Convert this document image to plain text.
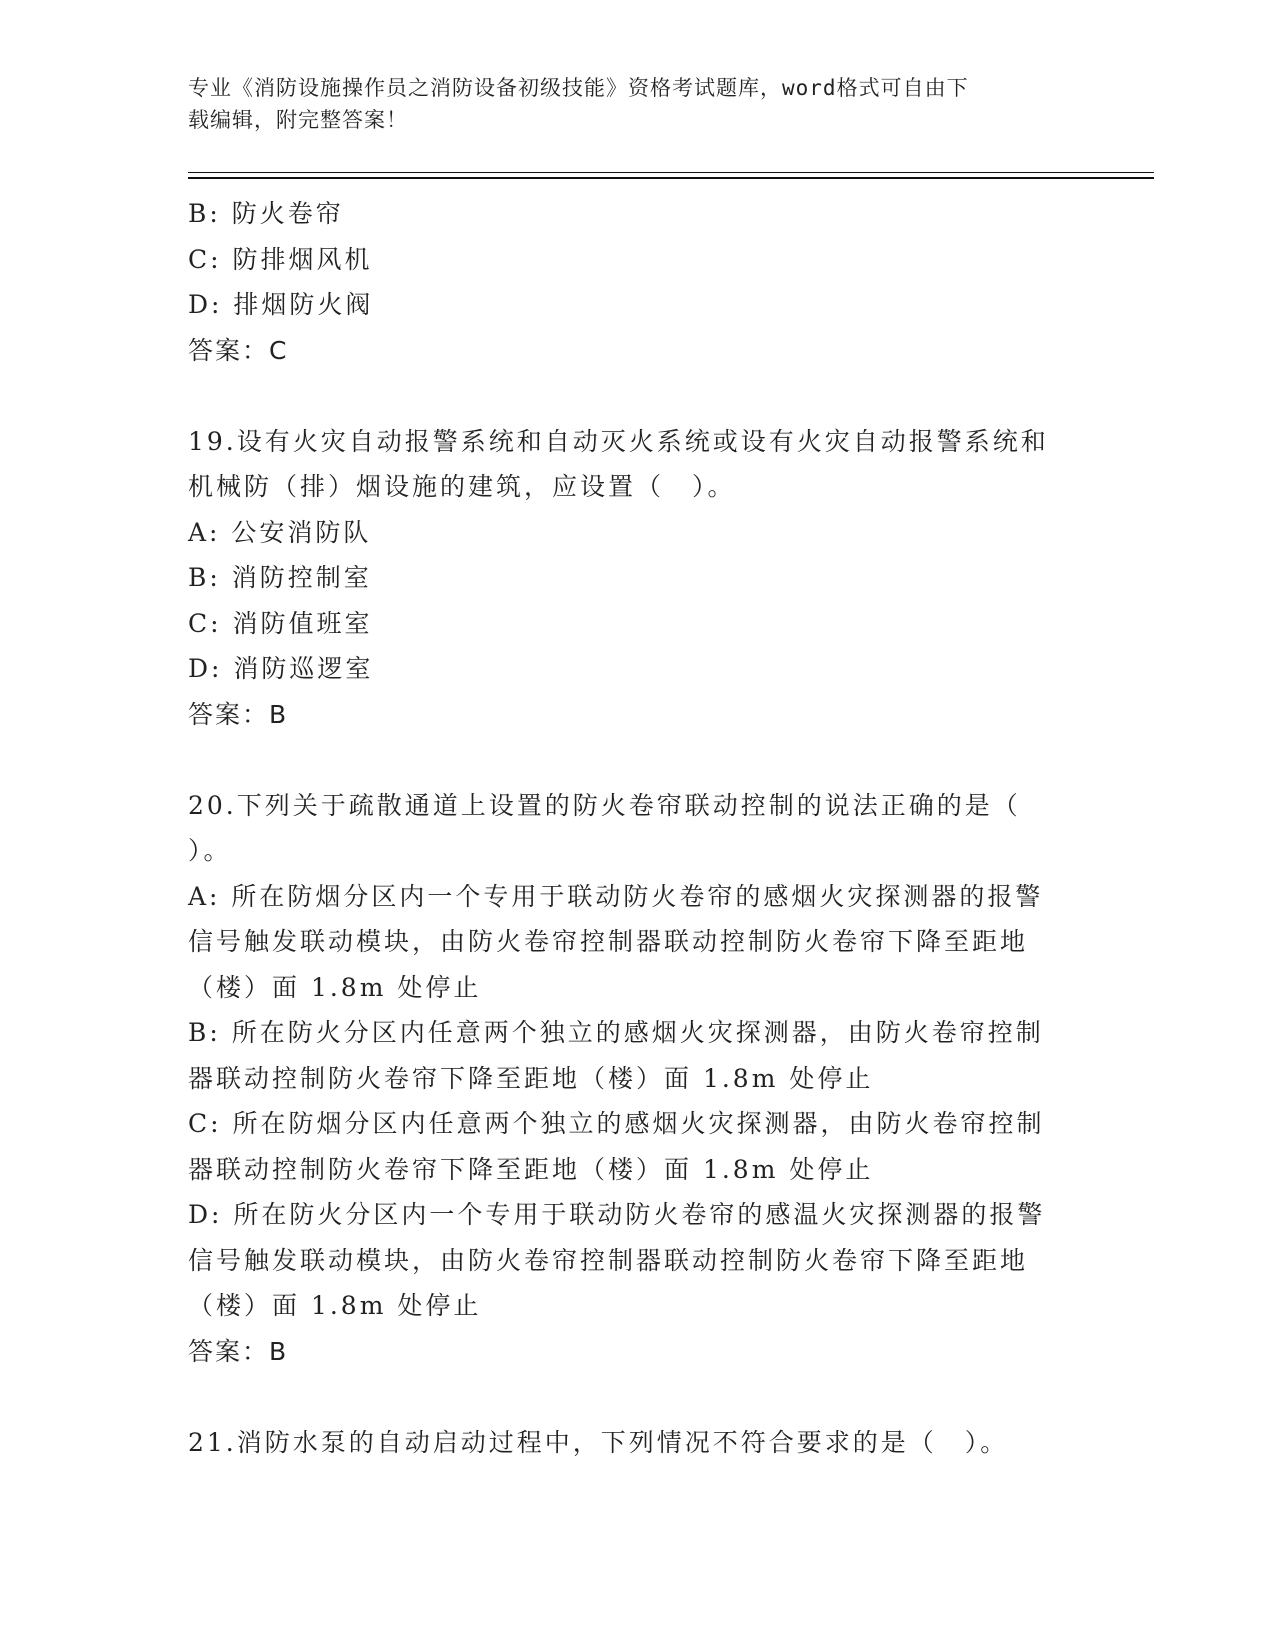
专业《消防设施操作员之消防设备初级技能》资格考试题库，word格式可自由下
载编辑，附完整答案！
B: 防火卷帘
C: 防排烟风机
D: 排烟防火阀
答案：C
19.设有火灾自动报警系统和自动灭火系统或设有火灾自动报警系统和
机械防（排）烟设施的建筑，应设置（　）。
A: 公安消防队
B: 消防控制室
C: 消防值班室
D: 消防巡逻室
答案：B
20.下列关于疏散通道上设置的防火卷帘联动控制的说法正确的是（
）。
A: 所在防烟分区内一个专用于联动防火卷帘的感烟火灾探测器的报警
信号触发联动模块，由防火卷帘控制器联动控制防火卷帘下降至距地
（楼）面 1.8m 处停止
B: 所在防火分区内任意两个独立的感烟火灾探测器，由防火卷帘控制
器联动控制防火卷帘下降至距地（楼）面 1.8m 处停止
C: 所在防烟分区内任意两个独立的感烟火灾探测器，由防火卷帘控制
器联动控制防火卷帘下降至距地（楼）面 1.8m 处停止
D: 所在防火分区内一个专用于联动防火卷帘的感温火灾探测器的报警
信号触发联动模块，由防火卷帘控制器联动控制防火卷帘下降至距地
（楼）面 1.8m 处停止
答案：B
21.消防水泵的自动启动过程中，下列情况不符合要求的是（　）。
